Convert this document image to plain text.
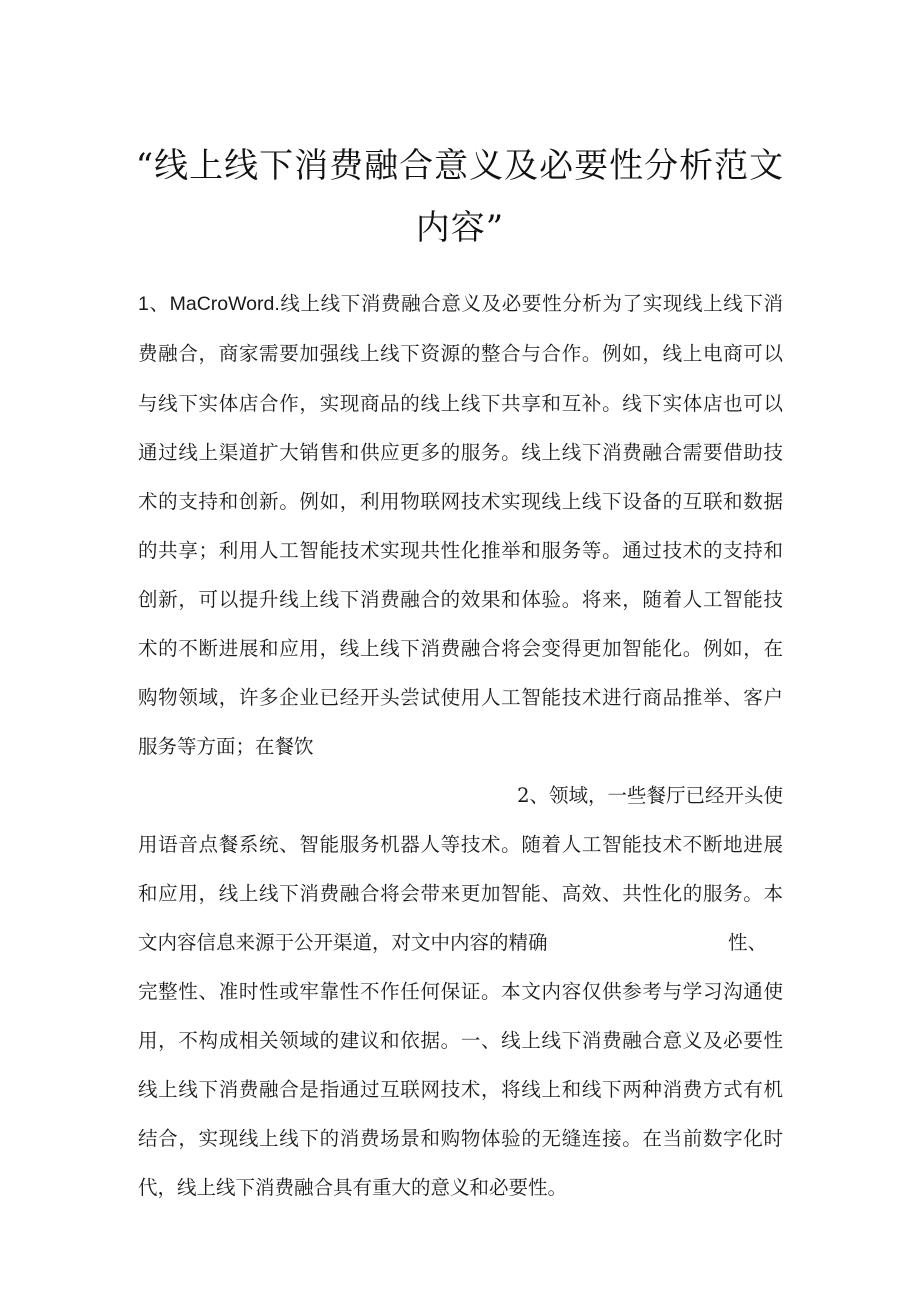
“线上线下消费融合意义及必要性分析范文
内容”
1、MaCroWord.线上线下消费融合意义及必要性分析为了实现线上线下消
费融合，商家需要加强线上线下资源的整合与合作。例如，线上电商可以
与线下实体店合作，实现商品的线上线下共享和互补。线下实体店也可以
通过线上渠道扩大销售和供应更多的服务。线上线下消费融合需要借助技
术的支持和创新。例如，利用物联网技术实现线上线下设备的互联和数据
的共享；利用人工智能技术实现共性化推举和服务等。通过技术的支持和
创新，可以提升线上线下消费融合的效果和体验。将来，随着人工智能技
术的不断进展和应用，线上线下消费融合将会变得更加智能化。例如，在
购物领域，许多企业已经开头尝试使用人工智能技术进行商品推举、客户
服务等方面；在餐饮
2、领域，一些餐厅已经开头使
用语音点餐系统、智能服务机器人等技术。随着人工智能技术不断地进展
和应用，线上线下消费融合将会带来更加智能、高效、共性化的服务。本
文内容信息来源于公开渠道，对文中内容的精确	性、
完整性、准时性或牢靠性不作任何保证。本文内容仅供参考与学习沟通使
用，不构成相关领域的建议和依据。一、线上线下消费融合意义及必要性
线上线下消费融合是指通过互联网技术，将线上和线下两种消费方式有机
结合，实现线上线下的消费场景和购物体验的无缝连接。在当前数字化时
代，线上线下消费融合具有重大的意义和必要性。
